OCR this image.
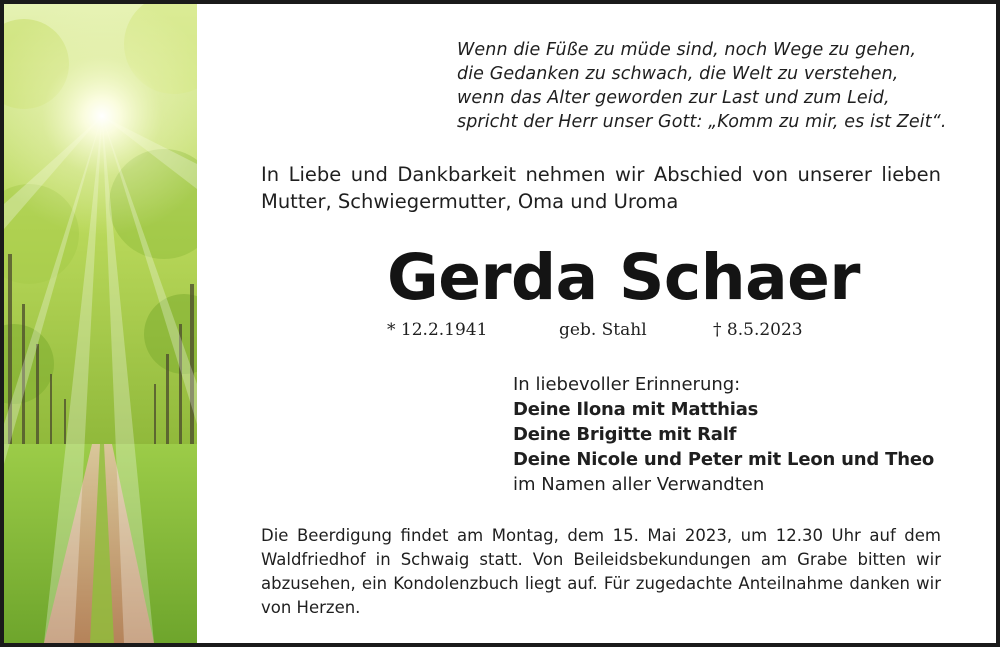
Wenn die Füße zu müde sind, noch Wege zu gehen,
die Gedanken zu schwach, die Welt zu verstehen,
wenn das Alter geworden zur Last und zum Leid,
spricht der Herr unser Gott: „Komm zu mir, es ist Zeit“.
In Liebe und Dankbarkeit nehmen wir Abschied von unserer lieben Mutter, Schwiegermutter, Oma und Uroma
Gerda Schaer
* 12.2.1941	geb. Stahl	† 8.5.2023
In liebevoller Erinnerung:
Deine Ilona mit Matthias
Deine Brigitte mit Ralf
Deine Nicole und Peter mit Leon und Theo
im Namen aller Verwandten
Die Beerdigung findet am Montag, dem 15. Mai 2023, um 12.30 Uhr auf dem Waldfriedhof in Schwaig statt. Von Beileidsbekundungen am Grabe bitten wir abzusehen, ein Kondolenzbuch liegt auf. Für zugedachte Anteilnahme danken wir von Herzen.
